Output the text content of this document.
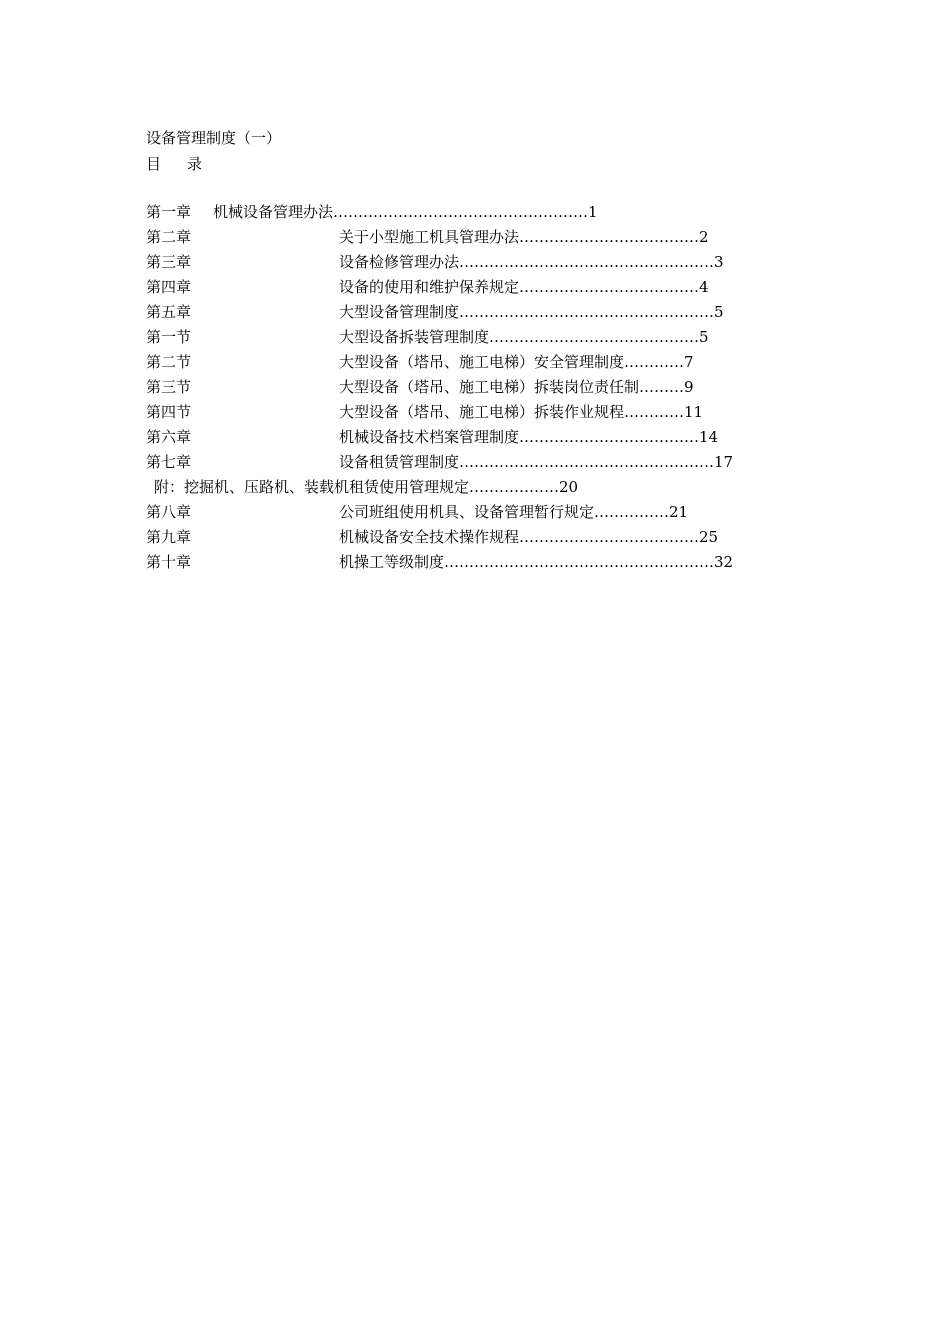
设备管理制度（一）
目 录
第一章 机械设备管理办法……………………………………………1
第二章	关于小型施工机具管理办法………………………………2
第三章	设备检修管理办法……………………………………………3
第四章	设备的使用和维护保养规定………………………………4
第五章	大型设备管理制度……………………………………………5
第一节	大型设备拆装管理制度……………………………………5
第二节	大型设备（塔吊、施工电梯）安全管理制度…………7
第三节	大型设备（塔吊、施工电梯）拆装岗位责任制………9
第四节	大型设备（塔吊、施工电梯）拆装作业规程…………11
第六章	机械设备技术档案管理制度………………………………14
第七章	设备租赁管理制度……………………………………………17
附：挖掘机、压路机、装载机租赁使用管理规定………………20
第八章	公司班组使用机具、设备管理暂行规定……………21
第九章	机械设备安全技术操作规程………………………………25
第十章	机操工等级制度………………………………………………32
